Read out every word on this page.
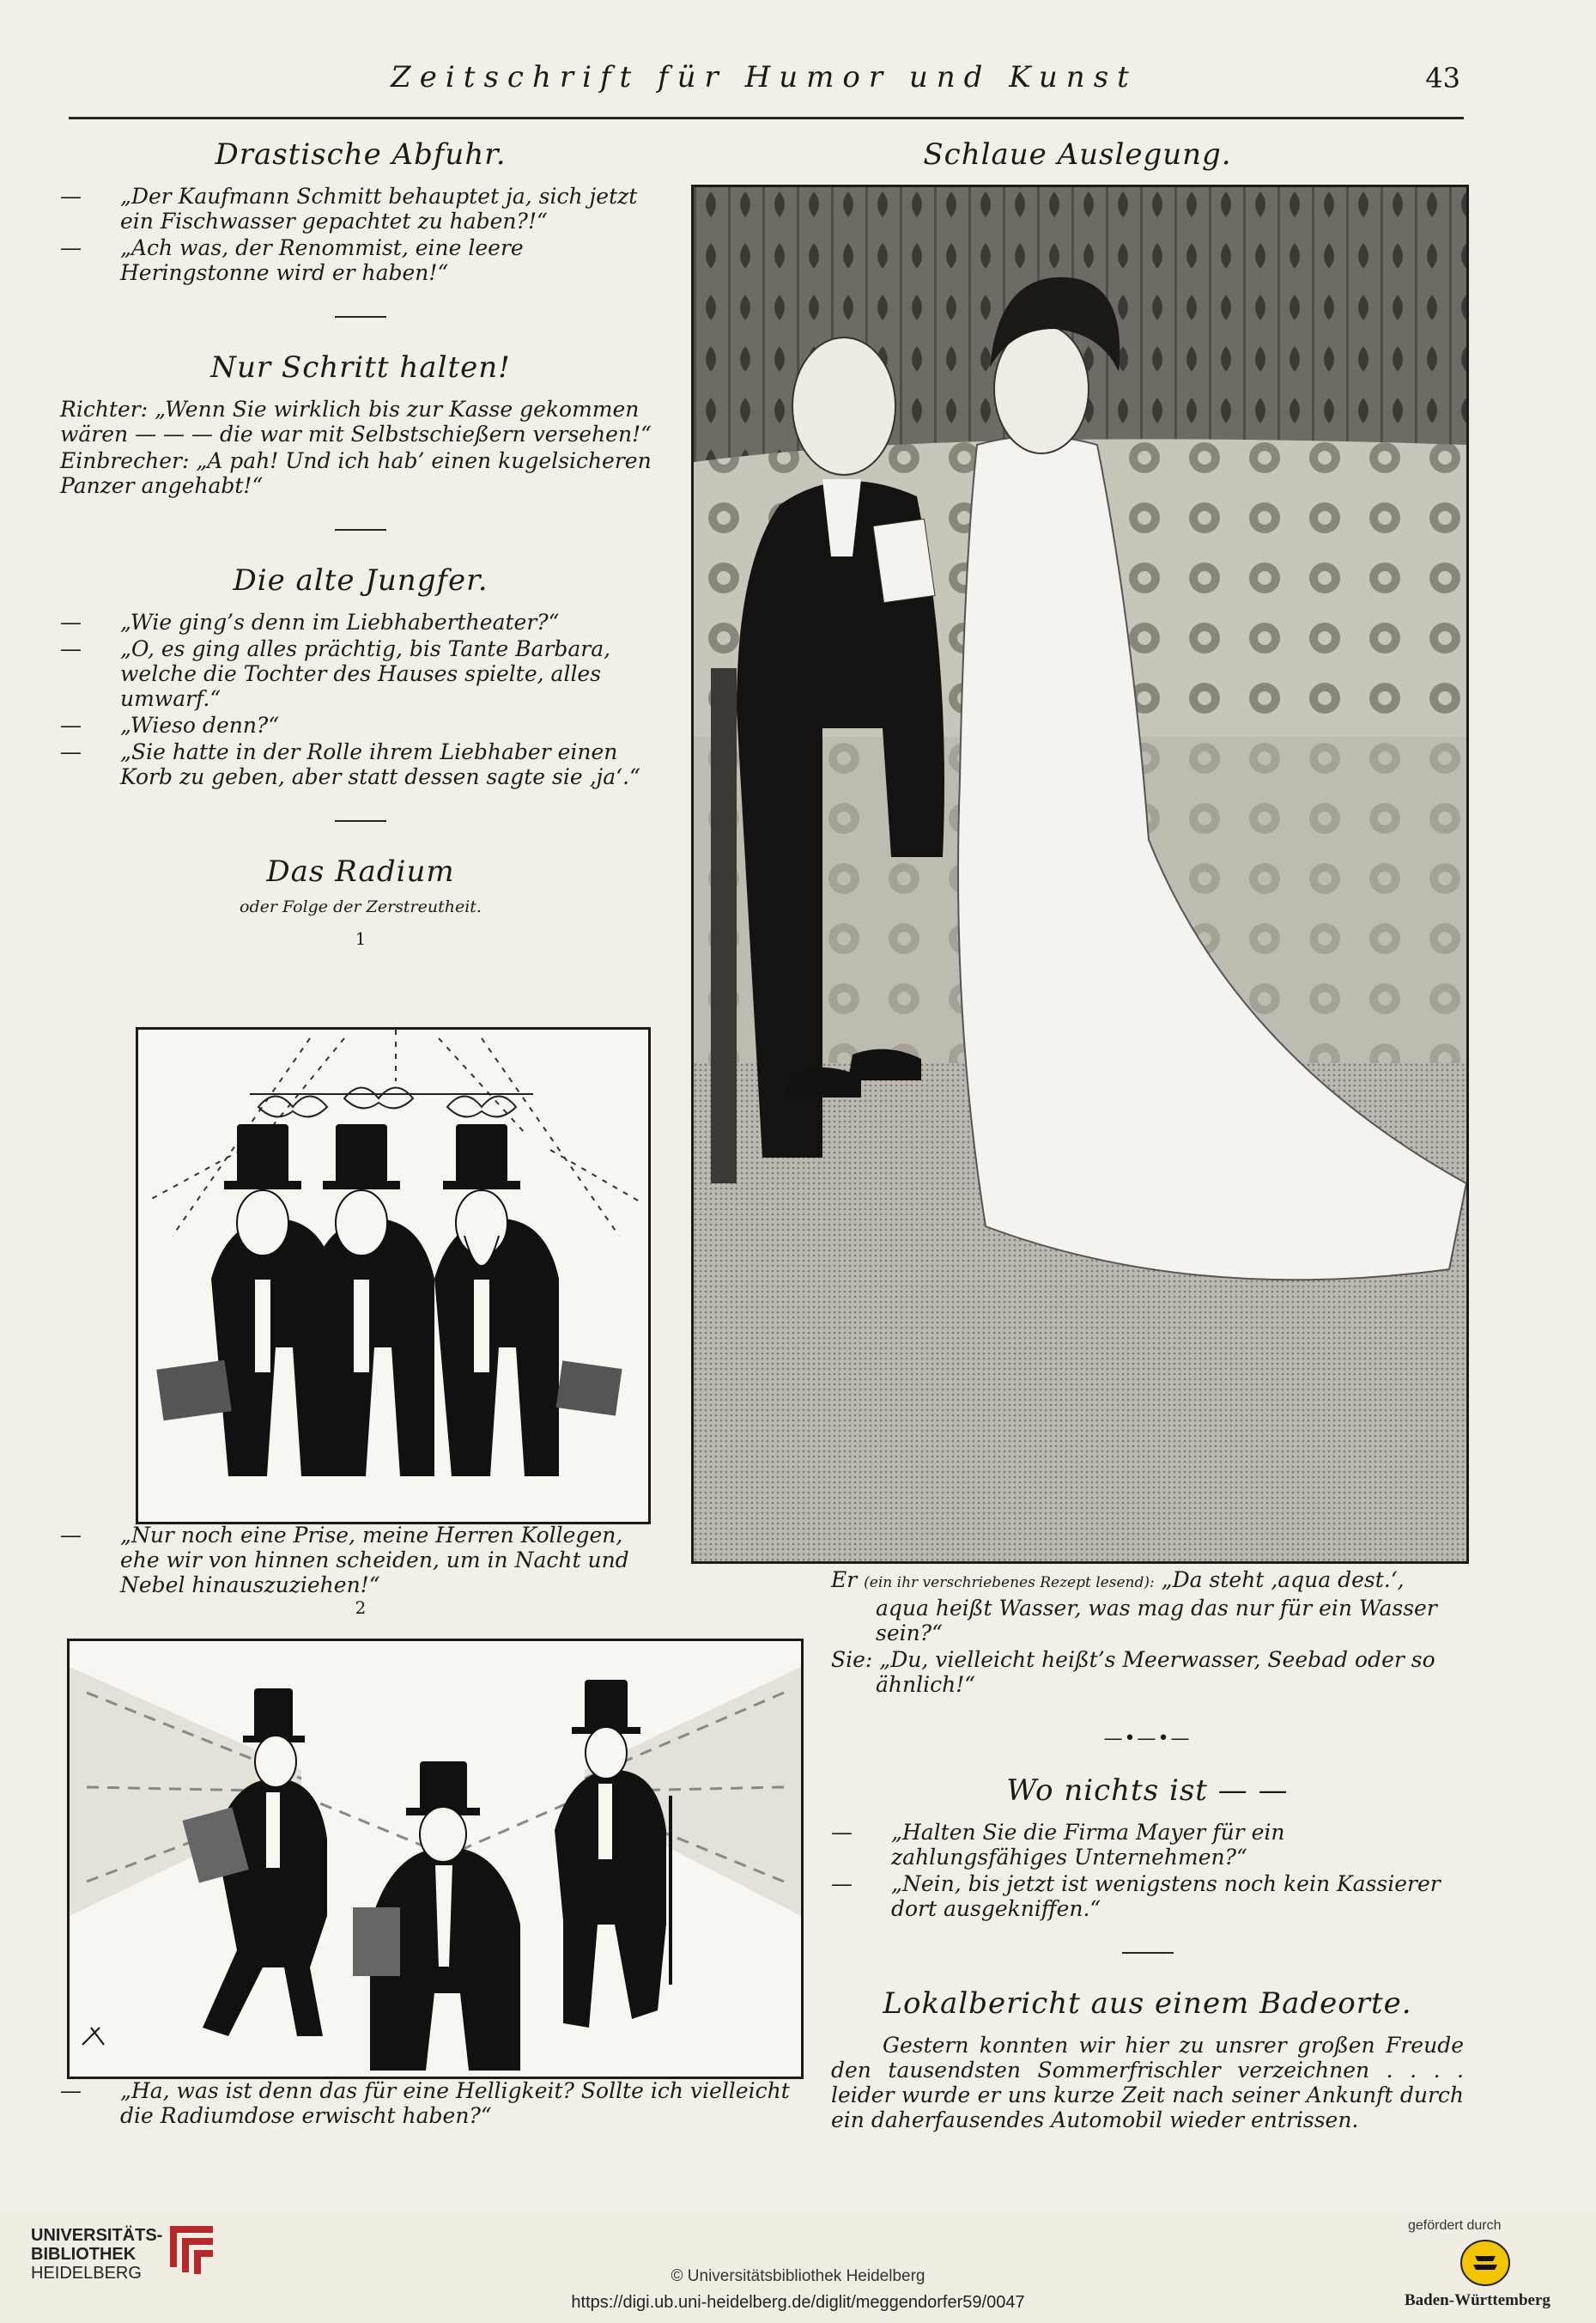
Zeitschrift für Humor und Kunst	43
Drastische Abfuhr.
—	„Der Kaufmann Schmitt behauptet ja, sich jetzt ein Fischwasser gepachtet zu haben?!“
—	„Ach was, der Renommist, eine leere Heringstonne wird er haben!“
Nur Schritt halten!
Richter: „Wenn Sie wirklich bis zur Kasse gekommen wären — — — die war mit Selbstschießern versehen!“
Einbrecher: „A pah! Und ich hab’ einen kugelsicheren Panzer angehabt!“
Die alte Jungfer.
—	„Wie ging’s denn im Liebhabertheater?“
—	„O, es ging alles prächtig, bis Tante Barbara, welche die Tochter des Hauses spielte, alles umwarf.“
—	„Wieso denn?“
—	„Sie hatte in der Rolle ihrem Liebhaber einen Korb zu geben, aber statt dessen sagte sie ‚ja‘.“
Das Radium
oder Folge der Zerstreutheit.
1
— „Nur noch eine Prise, meine Herren Kollegen, ehe wir von hinnen scheiden, um in Nacht und Nebel hinauszuziehen!“
2
— „Ha, was ist denn das für eine Helligkeit? Sollte ich vielleicht die Radiumdose erwischt haben?“
Schlaue Auslegung.
Er (ein ihr verschriebenes Rezept lesend): „Da steht ‚aqua dest.‘, aqua heißt Wasser, was mag das nur für ein Wasser sein?“
Sie: „Du, vielleicht heißt’s Meerwasser, Seebad oder so ähnlich!“
—•—•—
Wo nichts ist — —
—	„Halten Sie die Firma Mayer für ein zahlungsfähiges Unternehmen?“
—	„Nein, bis jetzt ist wenigstens noch kein Kassierer dort ausgekniffen.“
Lokalbericht aus einem Badeorte.

Gestern konnten wir hier zu unsrer großen Freude den tausendsten Sommerfrischler verzeichnen . . . . leider wurde er uns kurze Zeit nach seiner Ankunft durch ein daherfausendes Automobil wieder entrissen.

UNIVERSITÄTS-
BIBLIOTHEK
HEIDELBERG	© Universitätsbibliothek Heidelberg
https://digi.ub.uni-heidelberg.de/diglit/meggendorfer59/0047
gefördert durch
Baden-Württemberg
